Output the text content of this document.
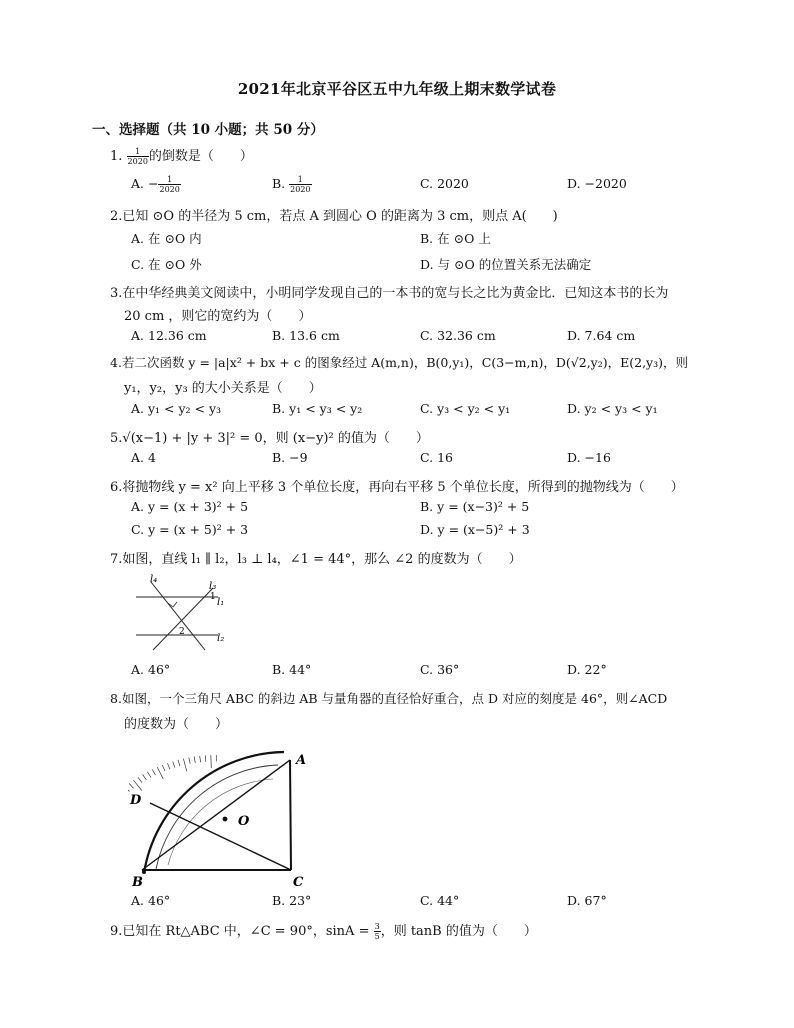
2021年北京平谷区五中九年级上期末数学试卷
一、选择题（共 10 小题；共 50 分）
1. $\frac{1}{2020}$ 的倒数是（　　）
A. − $\frac{1}{2020}$	B. $\frac{1}{2020}$	C. 2020	D. −2020
2.已知 ⊙O 的半径为 5 cm，若点 A 到圆心 O 的距离为 3 cm，则点 A(　　)
A. 在 ⊙O 内	B. 在 ⊙O 上
C. 在 ⊙O 外	D. 与 ⊙O 的位置关系无法确定
3.在中华经典美文阅读中，小明同学发现自己的一本书的宽与长之比为黄金比．已知这本书的长为
20 cm ，则它的宽约为（　　）
A. 12.36 cm	B. 13.6 cm	C. 32.36 cm	D. 7.64 cm
4.若二次函数 y = |a|x² + bx + c 的图象经过 A(m,n)，B(0,y₁)，C(3−m,n)，D(√2,y₂)，E(2,y₃)，则
y₁，y₂，y₃ 的大小关系是（　　）
A. y₁ < y₂ < y₃	B. y₁ < y₃ < y₂	C. y₃ < y₂ < y₁	D. y₂ < y₃ < y₁
5.√(x−1) + |y + 3|² = 0，则 (x−y)² 的值为（　　）
A. 4	B. −9	C. 16	D. −16
6.将抛物线 y = x² 向上平移 3 个单位长度，再向右平移 5 个单位长度，所得到的抛物线为（　　）
A. y = (x + 3)² + 5	B. y = (x−3)² + 5
C. y = (x + 5)² + 3	D. y = (x−5)² + 3
7.如图，直线 l₁ ∥ l₂，l₃ ⊥ l₄，∠1 = 44°，那么 ∠2 的度数为（　　）
l₄
l₃
1 l₁
2
l₂
A. 46°	B. 44°	C. 36°	D. 22°
8.如图，一个三角尺 ABC 的斜边 AB 与量角器的直径恰好重合，点 D 对应的刻度是 46°，则∠ACD
的度数为（　　）
A
D
O
B	C
A. 46°	B. 23°	C. 44°	D. 67°
9.已知在 Rt△ABC 中，∠C = 90°，$\sin A = \frac{3}{5}$ ，则 tanB 的值为（　　）
